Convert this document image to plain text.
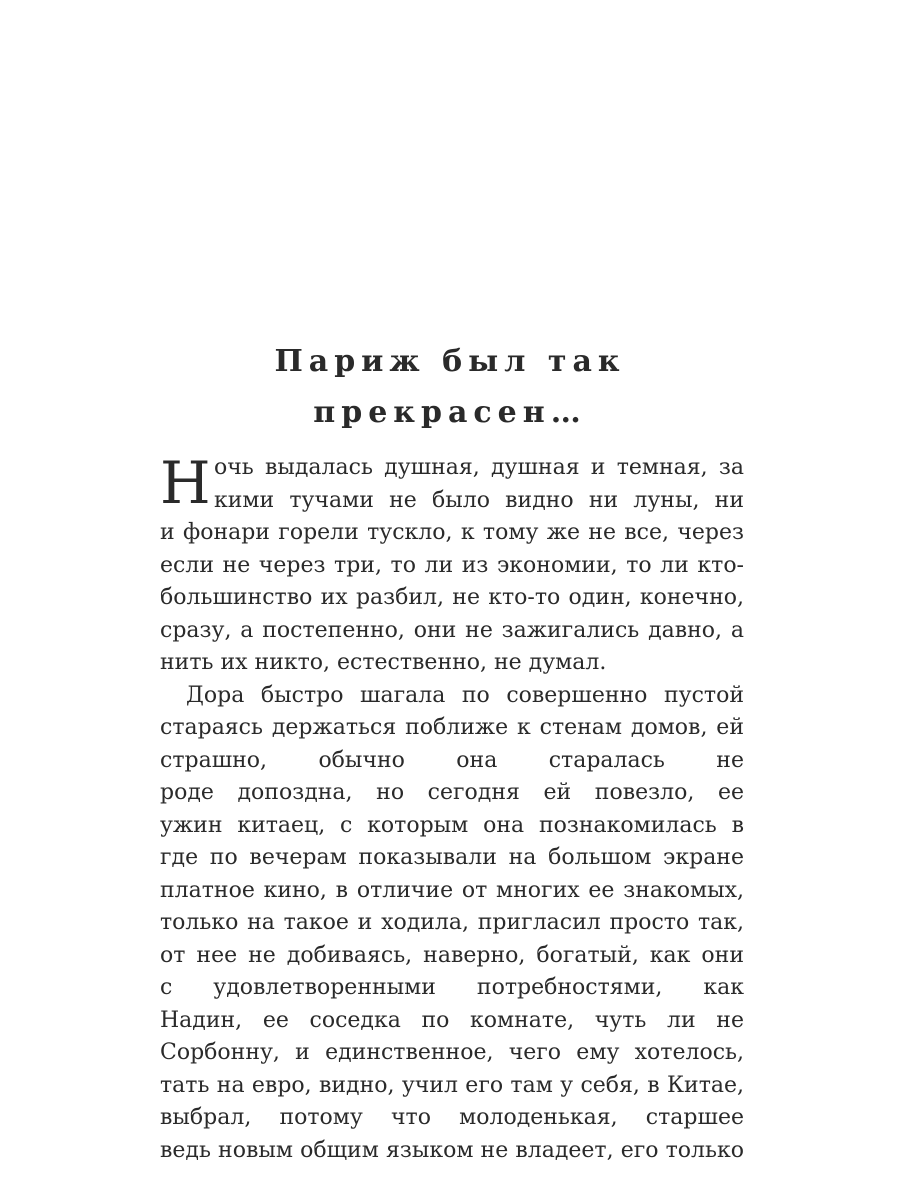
Париж был так
прекрасен…
Н очь выдалась душная, душная и темная, за
кими тучами не было видно ни луны, ни
и фонари горели тускло, к тому же не все, через
если не через три, то ли из экономии, то ли кто-
большинство их разбил, не кто-то один, конечно,
сразу, а постепенно, они не зажигались давно, а
нить их никто, естественно, не думал.
Дора быстро шагала по совершенно пустой
стараясь держаться поближе к стенам домов, ей
страшно, обычно она старалась не
роде допоздна, но сегодня ей повезло, ее
ужин китаец, с которым она познакомилась в
где по вечерам показывали на большом экране
платное кино, в отличие от многих ее знакомых,
только на такое и ходила, пригласил просто так,
от нее не добиваясь, наверно, богатый, как они
с удовлетворенными потребностями, как
Надин, ее соседка по комнате, чуть ли не
Сорбонну, и единственное, чего ему хотелось,
тать на евро, видно, учил его там у себя, в Китае,
выбрал, потому что молоденькая, старшее
ведь новым общим языком не владеет, его только
